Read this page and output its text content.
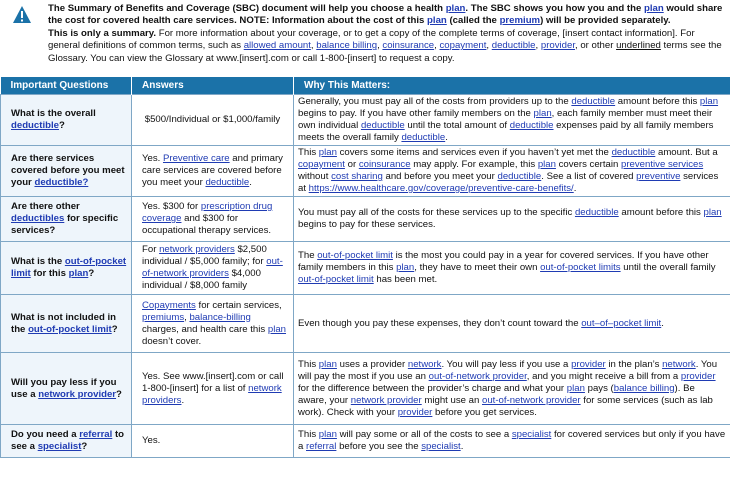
The Summary of Benefits and Coverage (SBC) document will help you choose a health plan. The SBC shows you how you and the plan would share the cost for covered health care services. NOTE: Information about the cost of this plan (called the premium) will be provided separately.
This is only a summary. For more information about your coverage, or to get a copy of the complete terms of coverage, [insert contact information]. For general definitions of common terms, such as allowed amount, balance billing, coinsurance, copayment, deductible, provider, or other underlined terms see the Glossary. You can view the Glossary at www.[insert].com or call 1-800-[insert] to request a copy.
Important Questions	Answers	Why This Matters:
What is the overall deductible?	$500/Individual or $1,000/family	Generally, you must pay all of the costs from providers up to the deductible amount before this plan begins to pay. If you have other family members on the plan, each family member must meet their own individual deductible until the total amount of deductible expenses paid by all family members meets the overall family deductible.
Are there services covered before you meet your deductible?	Yes. Preventive care and primary care services are covered before you meet your deductible.	This plan covers some items and services even if you haven’t yet met the deductible amount. But a copayment or coinsurance may apply. For example, this plan covers certain preventive services without cost sharing and before you meet your deductible. See a list of covered preventive services at https://www.healthcare.gov/coverage/preventive-care-benefits/.
Are there other deductibles for specific services?	Yes. $300 for prescription drug coverage and $300 for occupational therapy services.	You must pay all of the costs for these services up to the specific deductible amount before this plan begins to pay for these services.
What is the out-of-pocket limit for this plan?	For network providers $2,500 individual / $5,000 family; for out-of-network providers $4,000 individual / $8,000 family	The out-of-pocket limit is the most you could pay in a year for covered services. If you have other family members in this plan, they have to meet their own out-of-pocket limits until the overall family out-of-pocket limit has been met.
What is not included in the out-of-pocket limit?	Copayments for certain services, premiums, balance-billing charges, and health care this plan doesn’t cover.	Even though you pay these expenses, they don’t count toward the out–of–pocket limit.
Will you pay less if you use a network provider?	Yes. See www.[insert].com or call 1-800-[insert] for a list of network providers.	This plan uses a provider network. You will pay less if you use a provider in the plan’s network. You will pay the most if you use an out-of-network provider, and you might receive a bill from a provider for the difference between the provider’s charge and what your plan pays (balance billing). Be aware, your network provider might use an out-of-network provider for some services (such as lab work). Check with your provider before you get services.
Do you need a referral to see a specialist?	Yes.	This plan will pay some or all of the costs to see a specialist for covered services but only if you have a referral before you see the specialist.
